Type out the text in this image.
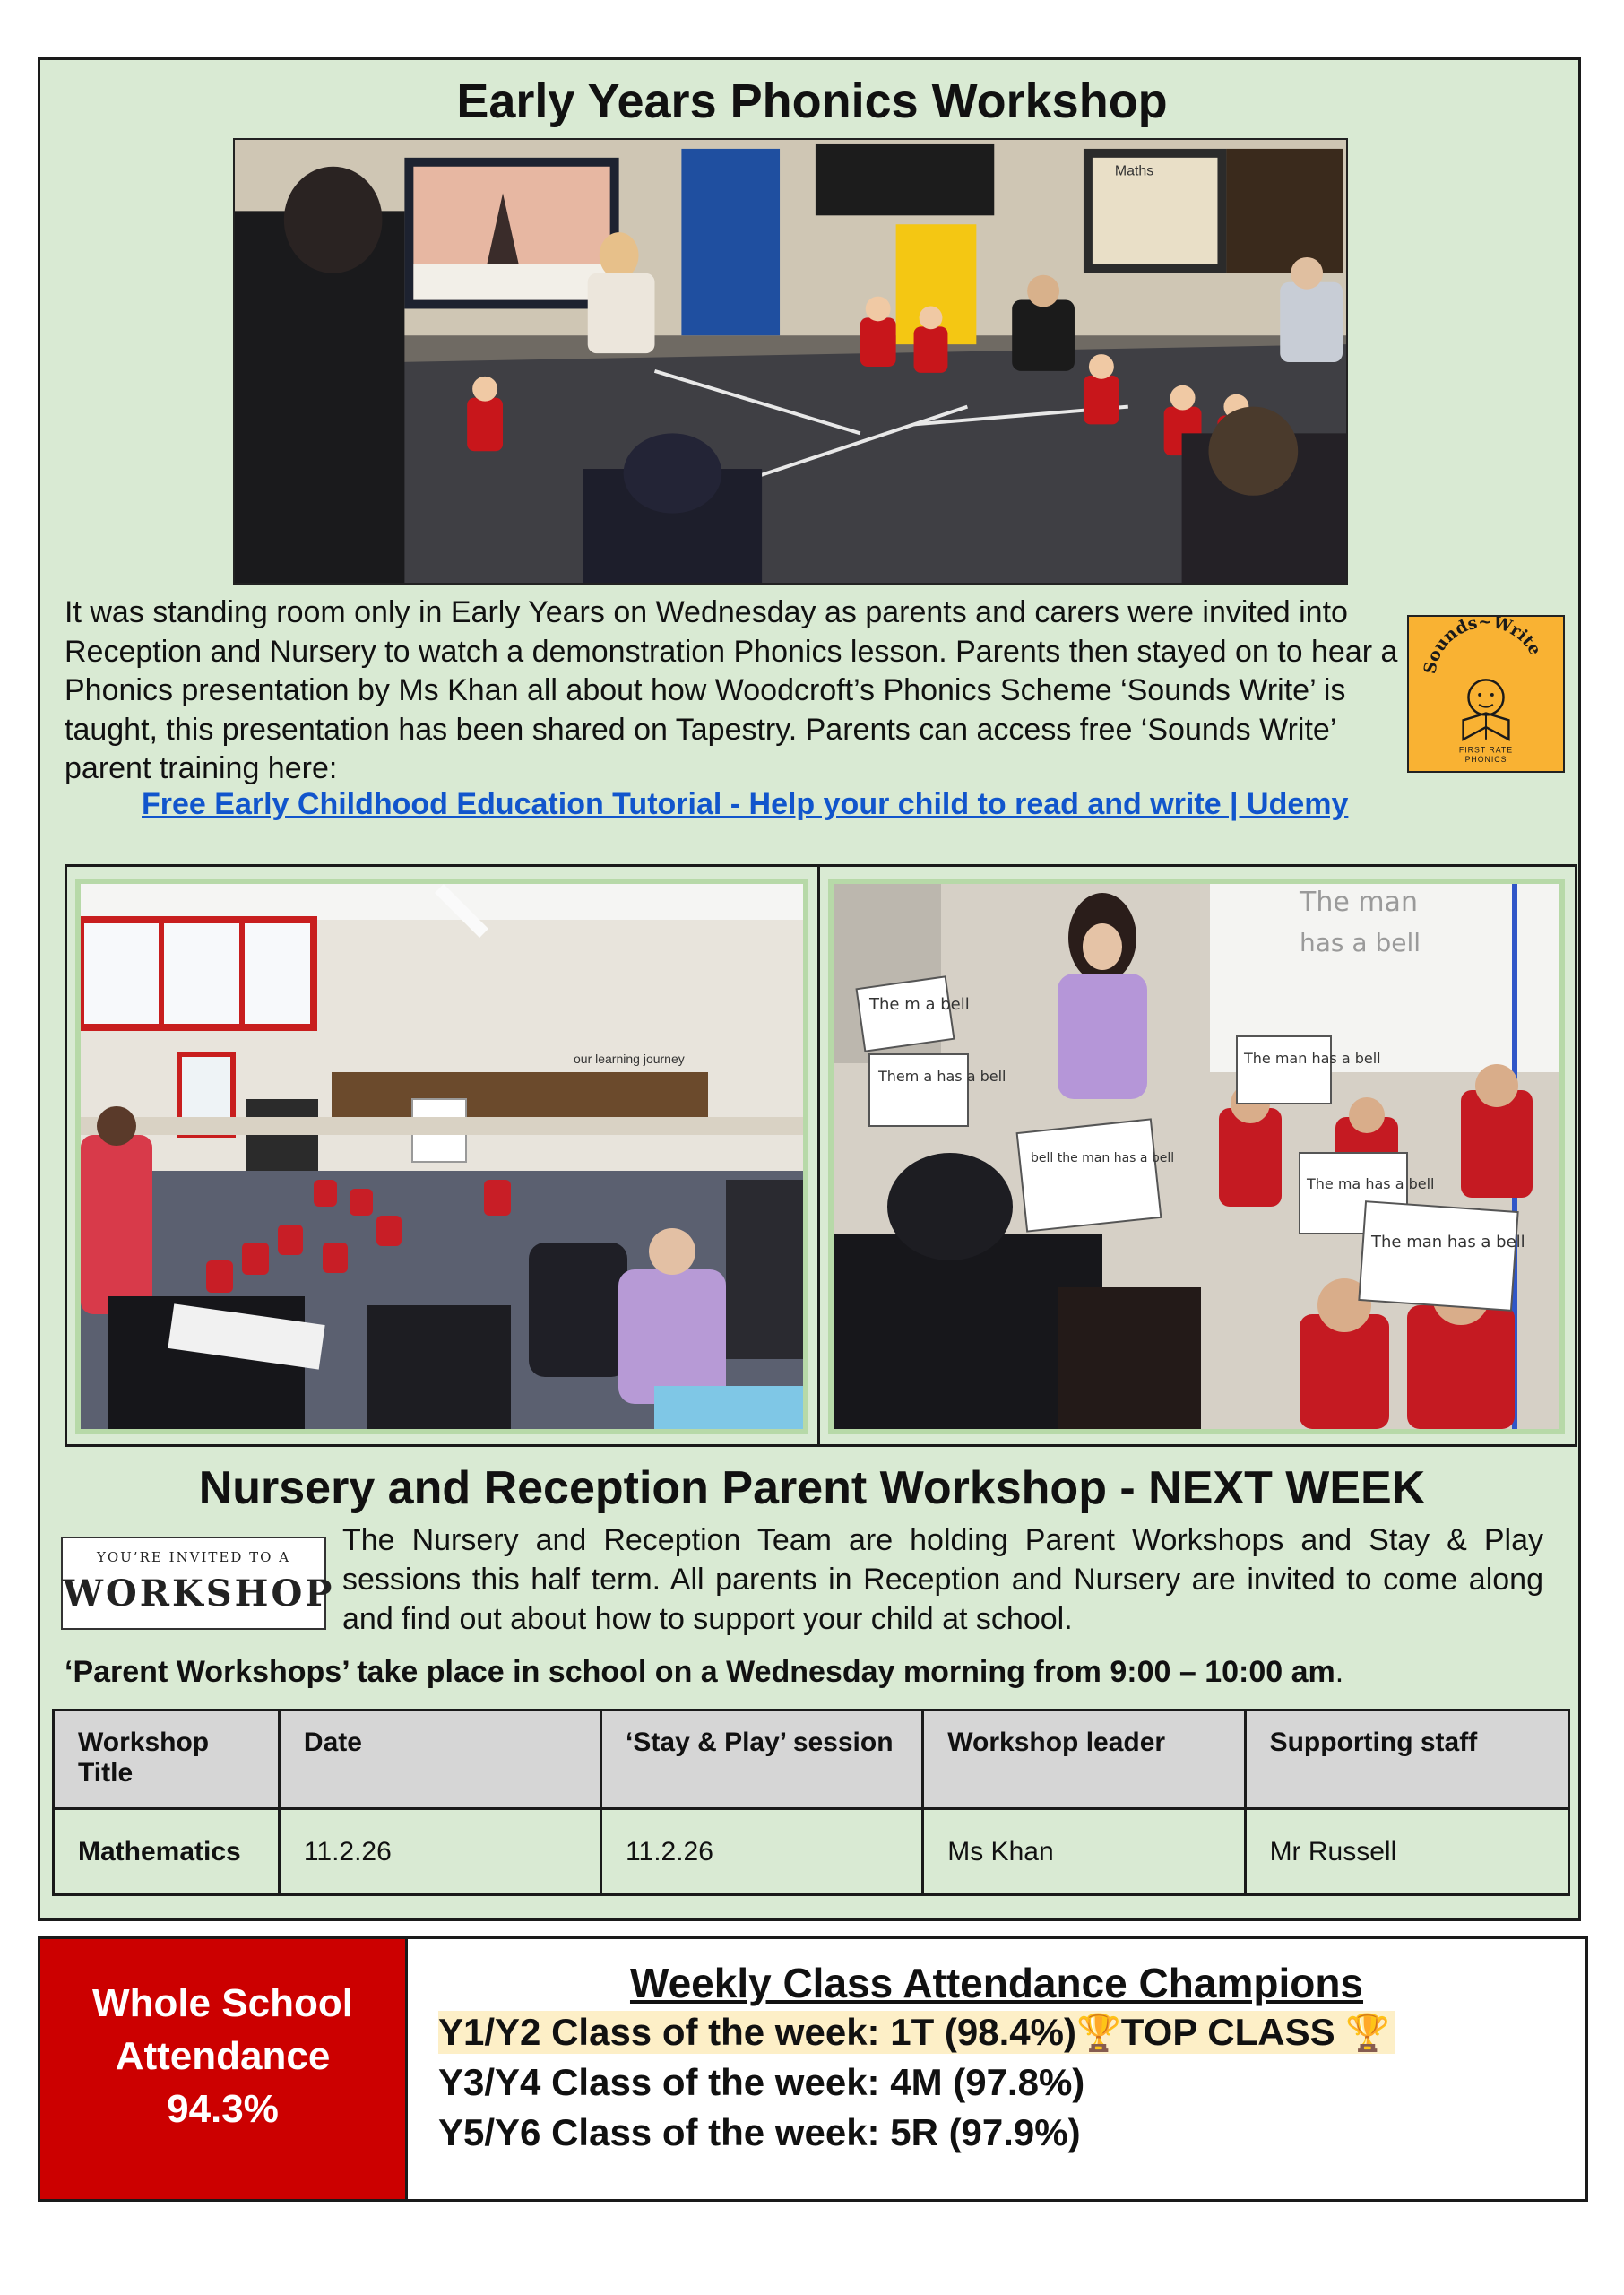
Early Years Phonics Workshop
Maths

It was standing room only in Early Years on Wednesday as parents and carers were invited into Reception and Nursery to watch a demonstration Phonics lesson. Parents then stayed on to hear a Phonics presentation by Ms Khan all about how Woodcroft’s Phonics Scheme ‘Sounds Write’ is taught, this presentation has been shared on Tapestry. Parents can access free ‘Sounds Write’ parent training here:

Free Early Childhood Education Tutorial - Help your child to read and write | Udemy
Sounds~Write
FIRST RATE
PHONICS
our learning journey
The man
has a bell
The m a bell
Them a has a bell
bell the man has a bell
The man has a bell
The ma has a bell
The man has a bell
Nursery and Reception Parent Workshop - NEXT WEEK
YOU’RE INVITED TO A
WORKSHOP

The Nursery and Reception Team are holding Parent Workshops and Stay & Play sessions this half term. All parents in Reception and Nursery are invited to come along and find out about how to support your child at school.

‘Parent Workshops’ take place in school on a Wednesday morning from 9:00 – 10:00 am.

Workshop Title	Date	‘Stay & Play’ session	Workshop leader	Supporting staff
Mathematics	11.2.26	11.2.26	Ms Khan	Mr Russell
Whole School
Attendance
94.3%

Weekly Class Attendance Champions

Y1/Y2 Class of the week: 1T (98.4%)🏆TOP CLASS 🏆

Y3/Y4 Class of the week: 4M (97.8%)

Y5/Y6 Class of the week: 5R (97.9%)
